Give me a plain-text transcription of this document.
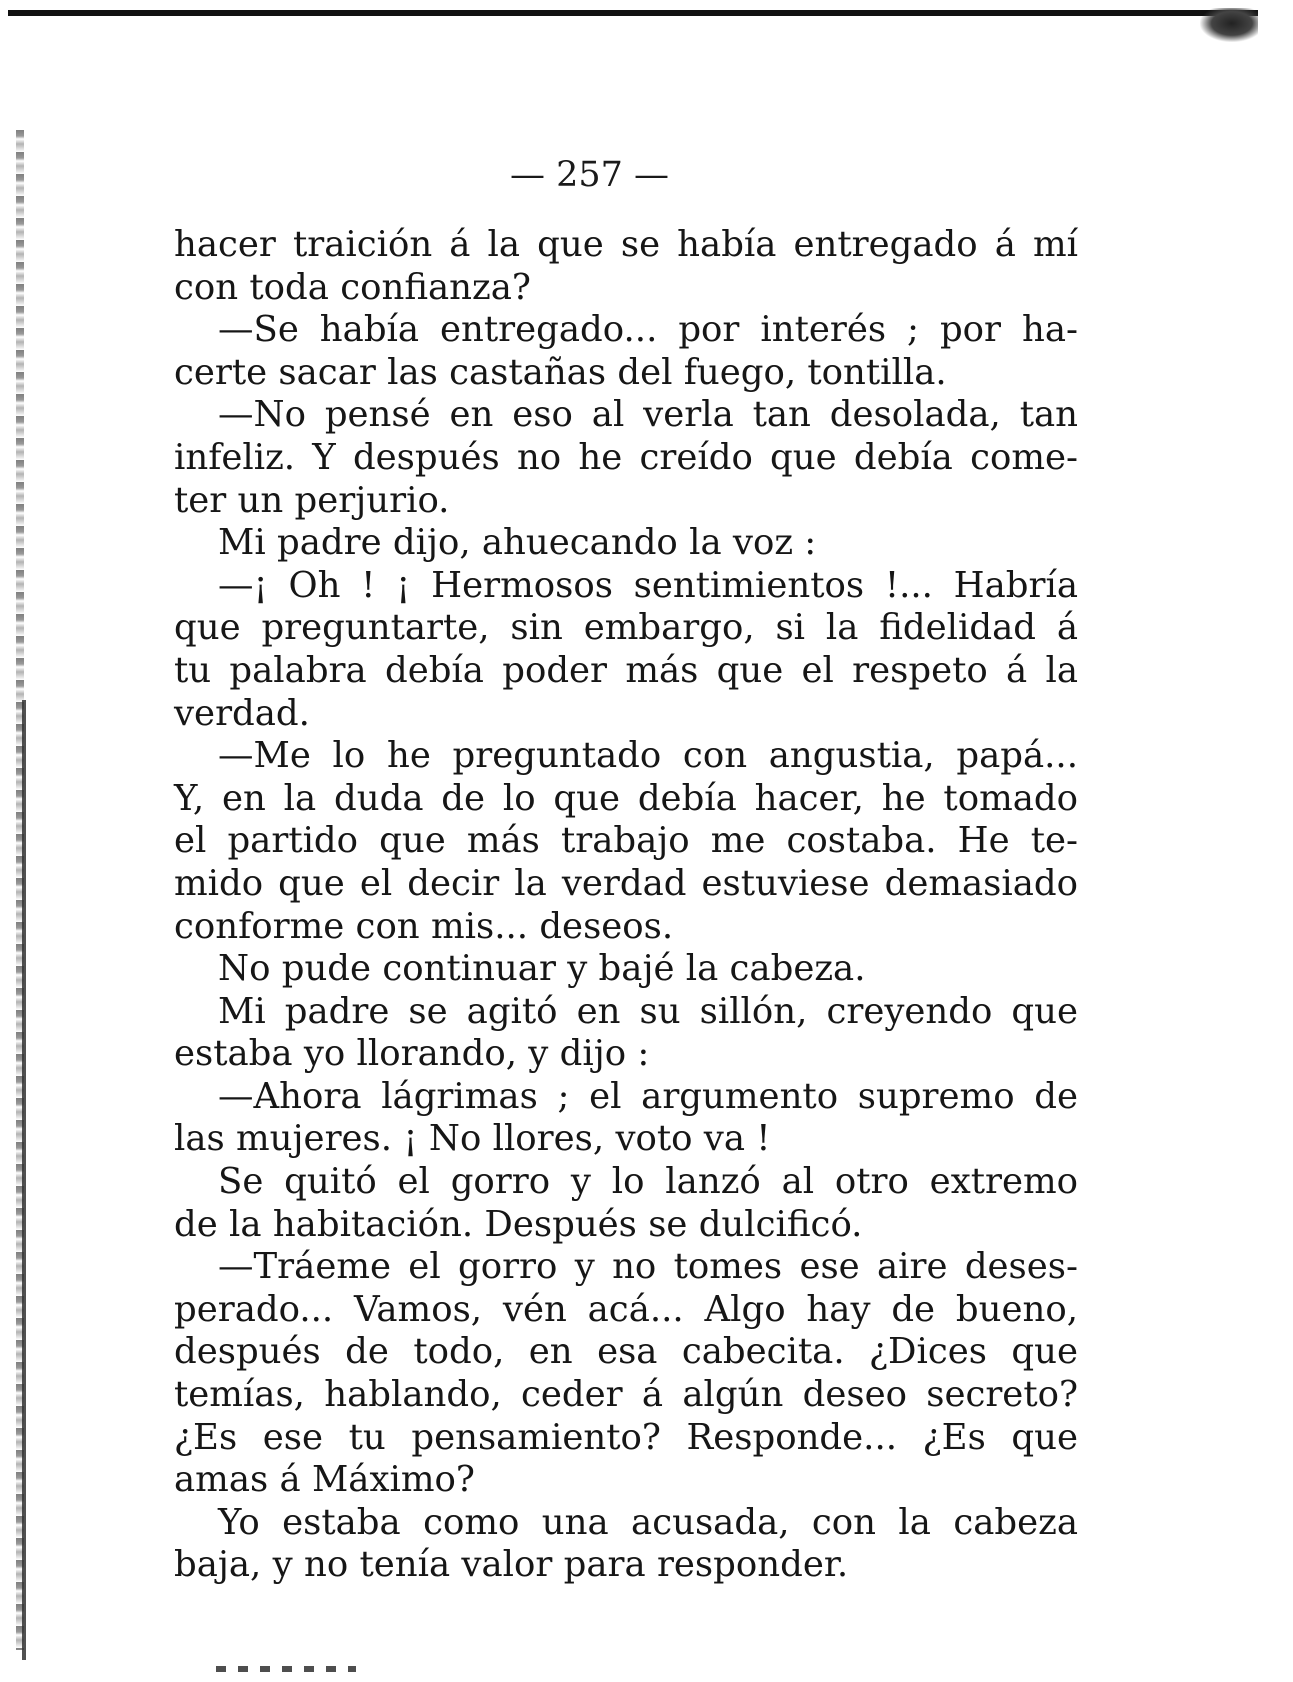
— 257 —
hacer traición á la que se había entregado á mí
con toda confianza?
—Se había entregado... por interés ; por ha-
certe sacar las castañas del fuego, tontilla.
—No pensé en eso al verla tan desolada, tan
infeliz. Y después no he creído que debía come-
ter un perjurio.
Mi padre dijo, ahuecando la voz :
—¡ Oh ! ¡ Hermosos sentimientos !... Habría
que preguntarte, sin embargo, si la fidelidad á
tu palabra debía poder más que el respeto á la
verdad.
—Me lo he preguntado con angustia, papá...
Y, en la duda de lo que debía hacer, he tomado
el partido que más trabajo me costaba. He te-
mido que el decir la verdad estuviese demasiado
conforme con mis... deseos.
No pude continuar y bajé la cabeza.
Mi padre se agitó en su sillón, creyendo que
estaba yo llorando, y dijo :
—Ahora lágrimas ; el argumento supremo de
las mujeres. ¡ No llores, voto va !
Se quitó el gorro y lo lanzó al otro extremo
de la habitación. Después se dulcificó.
—Tráeme el gorro y no tomes ese aire deses-
perado... Vamos, vén acá... Algo hay de bueno,
después de todo, en esa cabecita. ¿Dices que
temías, hablando, ceder á algún deseo secreto?
¿Es ese tu pensamiento? Responde... ¿Es que
amas á Máximo?
Yo estaba como una acusada, con la cabeza
baja, y no tenía valor para responder.
